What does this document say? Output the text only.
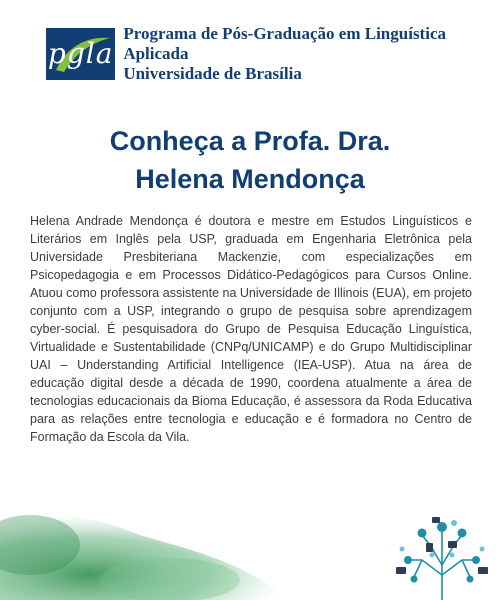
pgla
Programa de Pós-Graduação em Linguística Aplicada
Universidade de Brasília
Conheça a Profa. Dra.
Helena Mendonça

Helena Andrade Mendonça é doutora e mestre em Estudos Linguísticos e Literários em Inglês pela USP, graduada em Engenharia Eletrônica pela Universidade Presbiteriana Mackenzie, com especializações em Psicopedagogia e em Processos Didático-Pedagógicos para Cursos Online. Atuou como professora assistente na Universidade de Illinois (EUA), em projeto conjunto com a USP, integrando o grupo de pesquisa sobre aprendizagem cyber-social. É pesquisadora do Grupo de Pesquisa Educação Linguística, Virtualidade e Sustentabilidade (CNPq/UNICAMP) e do Grupo Multidisciplinar UAI – Understanding Artificial Intelligence (IEA-USP). Atua na área de educação digital desde a década de 1990, coordena atualmente a área de tecnologias educacionais da Bioma Educação, é assessora da Roda Educativa para as relações entre tecnologia e educação e é formadora no Centro de Formação da Escola da Vila.
